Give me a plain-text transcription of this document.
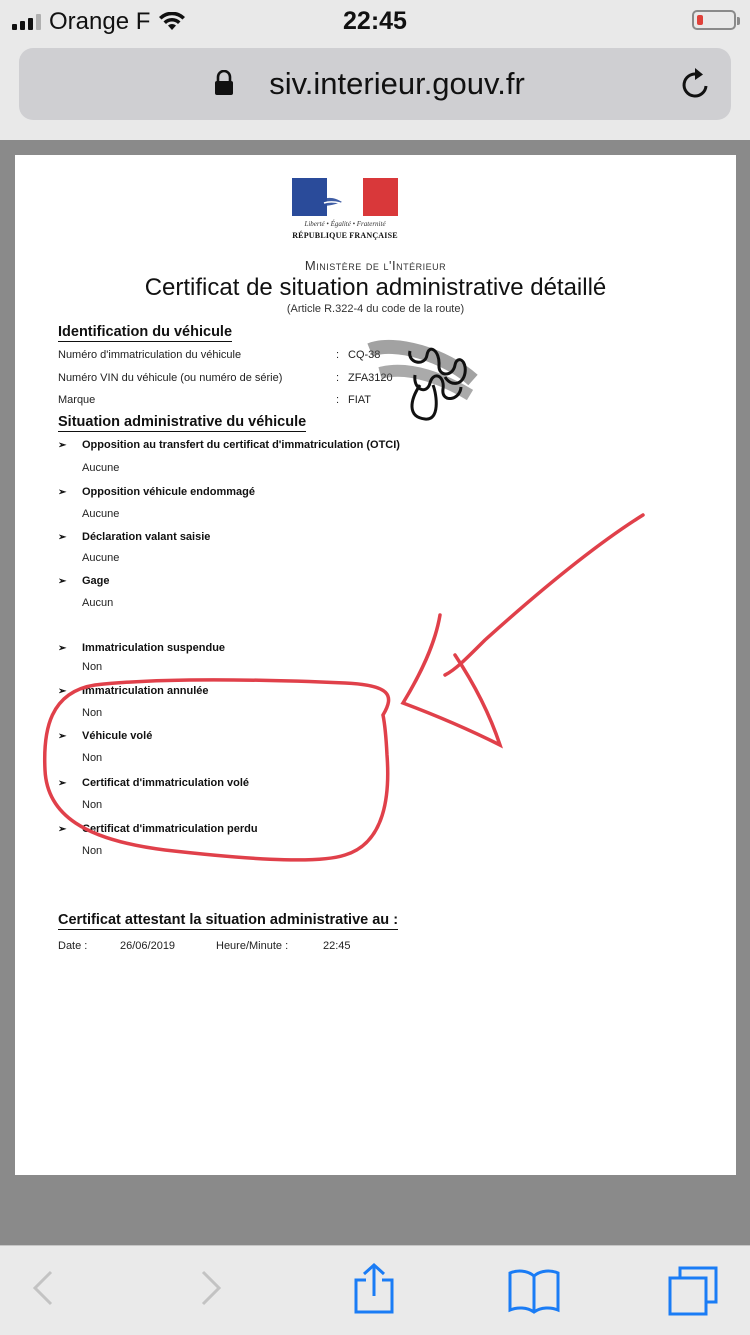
Orange F	22:45
siv.interieur.gouv.fr
Liberté • Égalité • Fraternité
RÉPUBLIQUE FRANÇAISE
Ministère de l'Intérieur
Certificat de situation administrative détaillé
(Article R.322-4 du code de la route)
Identification du véhicule
Numéro d'immatriculation du véhicule	: CQ-38
Numéro VIN du véhicule (ou numéro de série)	: ZFA3120
Marque	: FIAT
Situation administrative du véhicule
➢ Opposition au transfert du certificat d'immatriculation (OTCI)
Aucune
➢ Opposition véhicule endommagé
Aucune
➢ Déclaration valant saisie
Aucune
➢ Gage
Aucun
➢ Immatriculation suspendue
Non
➢ Immatriculation annulée
Non
➢ Véhicule volé
Non
➢ Certificat d'immatriculation volé
Non
➢ Certificat d'immatriculation perdu
Non
Certificat attestant la situation administrative au :
Date :	26/06/2019	Heure/Minute :	22:45
